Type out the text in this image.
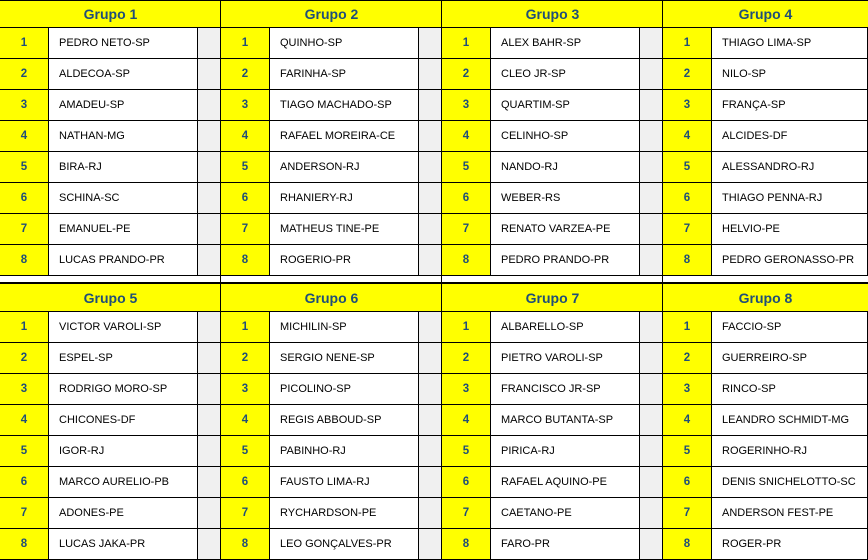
Grupo 1
1	PEDRO NETO-SP
2	ALDECOA-SP
3	AMADEU-SP
4	NATHAN-MG
5	BIRA-RJ
6	SCHINA-SC
7	EMANUEL-PE
8	LUCAS PRANDO-PR
Grupo 2
1	QUINHO-SP
2	FARINHA-SP
3	TIAGO MACHADO-SP
4	RAFAEL MOREIRA-CE
5	ANDERSON-RJ
6	RHANIERY-RJ
7	MATHEUS TINE-PE
8	ROGERIO-PR
Grupo 3
1	ALEX BAHR-SP
2	CLEO JR-SP
3	QUARTIM-SP
4	CELINHO-SP
5	NANDO-RJ
6	WEBER-RS
7	RENATO VARZEA-PE
8	PEDRO PRANDO-PR
Grupo 4
1	THIAGO LIMA-SP
2	NILO-SP
3	FRANÇA-SP
4	ALCIDES-DF
5	ALESSANDRO-RJ
6	THIAGO PENNA-RJ
7	HELVIO-PE
8	PEDRO GERONASSO-PR
Grupo 5
1	VICTOR VAROLI-SP
2	ESPEL-SP
3	RODRIGO MORO-SP
4	CHICONES-DF
5	IGOR-RJ
6	MARCO AURELIO-PB
7	ADONES-PE
8	LUCAS JAKA-PR
Grupo 6
1	MICHILIN-SP
2	SERGIO NENE-SP
3	PICOLINO-SP
4	REGIS ABBOUD-SP
5	PABINHO-RJ
6	FAUSTO LIMA-RJ
7	RYCHARDSON-PE
8	LEO GONÇALVES-PR
Grupo 7
1	ALBARELLO-SP
2	PIETRO VAROLI-SP
3	FRANCISCO JR-SP
4	MARCO BUTANTA-SP
5	PIRICA-RJ
6	RAFAEL AQUINO-PE
7	CAETANO-PE
8	FARO-PR
Grupo 8
1	FACCIO-SP
2	GUERREIRO-SP
3	RINCO-SP
4	LEANDRO SCHMIDT-MG
5	ROGERINHO-RJ
6	DENIS SNICHELOTTO-SC
7	ANDERSON FEST-PE
8	ROGER-PR
